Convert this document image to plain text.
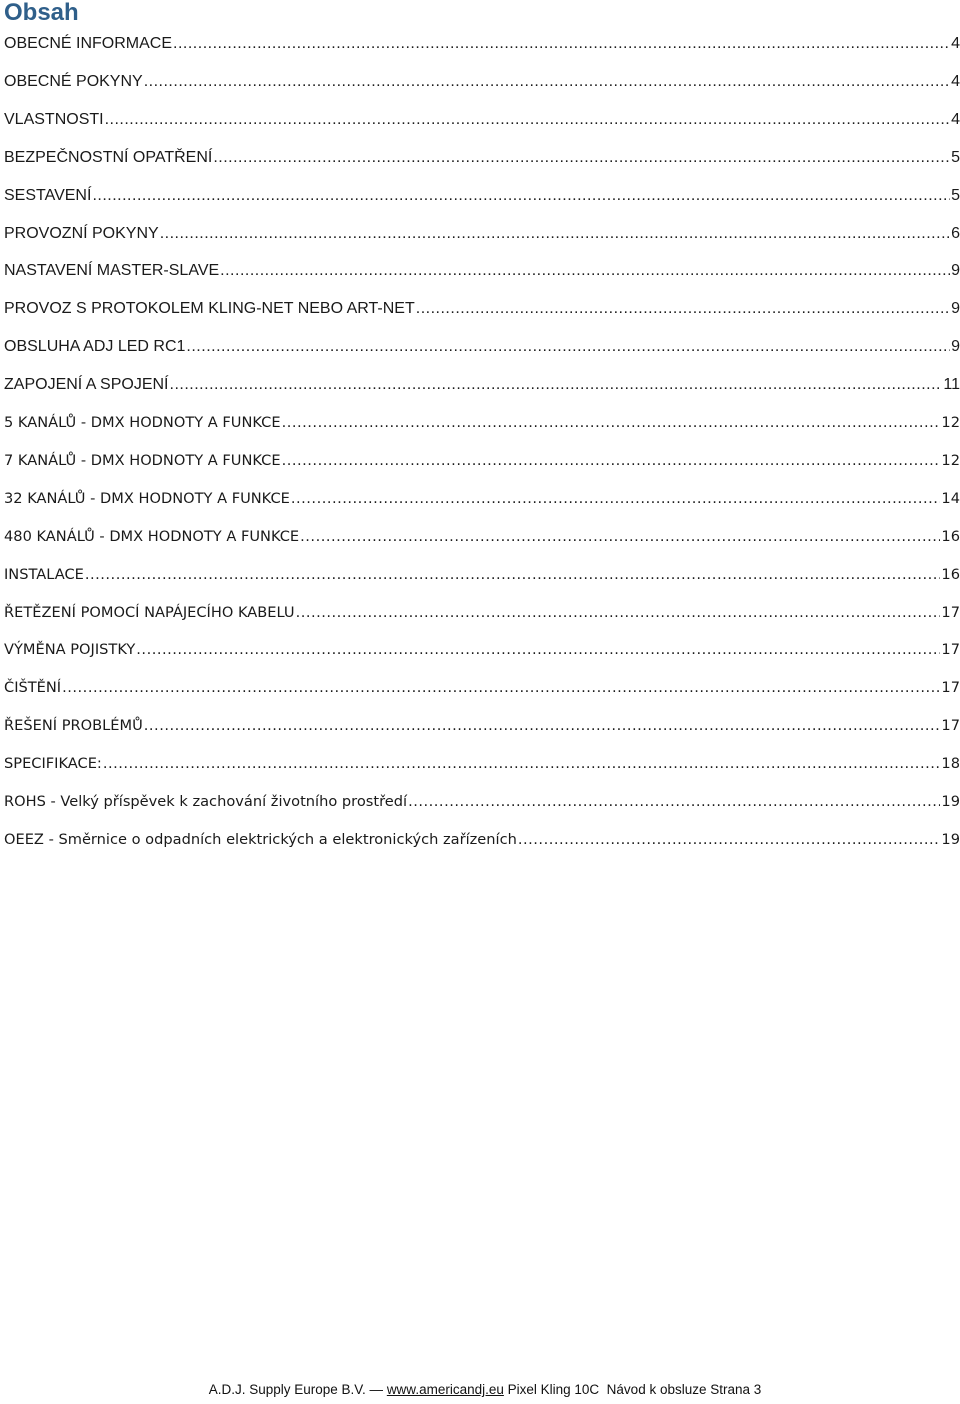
Obsah
OBECNÉ INFORMACE .....	4
OBECNÉ POKYNY .....	4
VLASTNOSTI .....	4
BEZPEČNOSTNÍ OPATŘENÍ .....	5
SESTAVENÍ .....	5
PROVOZNÍ POKYNY .....	6
NASTAVENÍ MASTER-SLAVE .....	9
PROVOZ S PROTOKOLEM KLING-NET NEBO ART-NET .....	9
OBSLUHA ADJ LED RC1 .....	9
ZAPOJENÍ A SPOJENÍ .....	11
5 KANÁLŮ - DMX HODNOTY A FUNKCE .....	12
7 KANÁLŮ - DMX HODNOTY A FUNKCE .....	12
32 KANÁLŮ - DMX HODNOTY A FUNKCE .....	14
480 KANÁLŮ - DMX HODNOTY A FUNKCE .....	16
INSTALACE .....	16
ŘETĚZENÍ POMOCÍ NAPÁJECÍHO KABELU .....	17
VÝMĚNA POJISTKY .....	17
ČIŠTĚNÍ .....	17
ŘEŠENÍ PROBLÉMŮ .....	17
SPECIFIKACE: .....	18
ROHS - Velký příspěvek k zachování životního prostředí .....	19
OEEZ - Směrnice o odpadních elektrických a elektronických zařízeních .....	19
A.D.J. Supply Europe B.V. — www.americandj.eu Pixel Kling 10C  Návod k obsluze Strana 3
